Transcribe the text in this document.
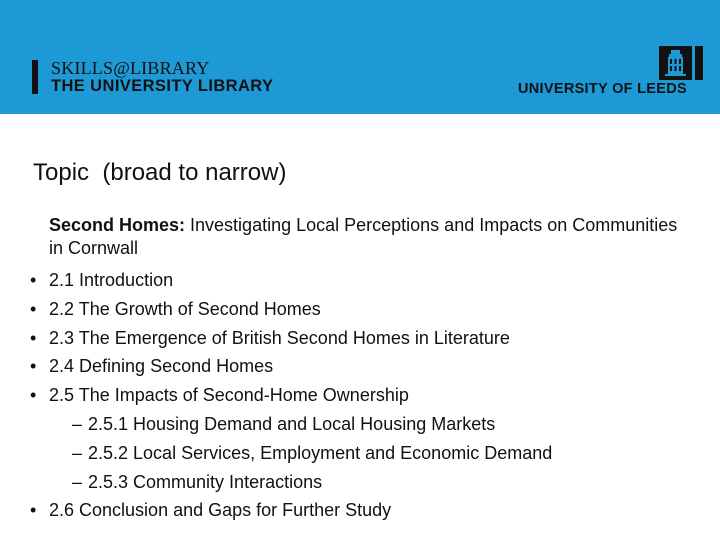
SKILLS@LIBRARY
THE UNIVERSITY LIBRARY	UNIVERSITY OF LEEDS
Topic  (broad to narrow)
Second Homes: Investigating Local Perceptions and Impacts on Communities in Cornwall
• 2.1 Introduction
• 2.2 The Growth of Second Homes
• 2.3 The Emergence of British Second Homes in Literature
• 2.4 Defining Second Homes
• 2.5 The Impacts of Second-Home Ownership
– 2.5.1 Housing Demand and Local Housing Markets
– 2.5.2 Local Services, Employment and Economic Demand
– 2.5.3 Community Interactions
• 2.6 Conclusion and Gaps for Further Study
